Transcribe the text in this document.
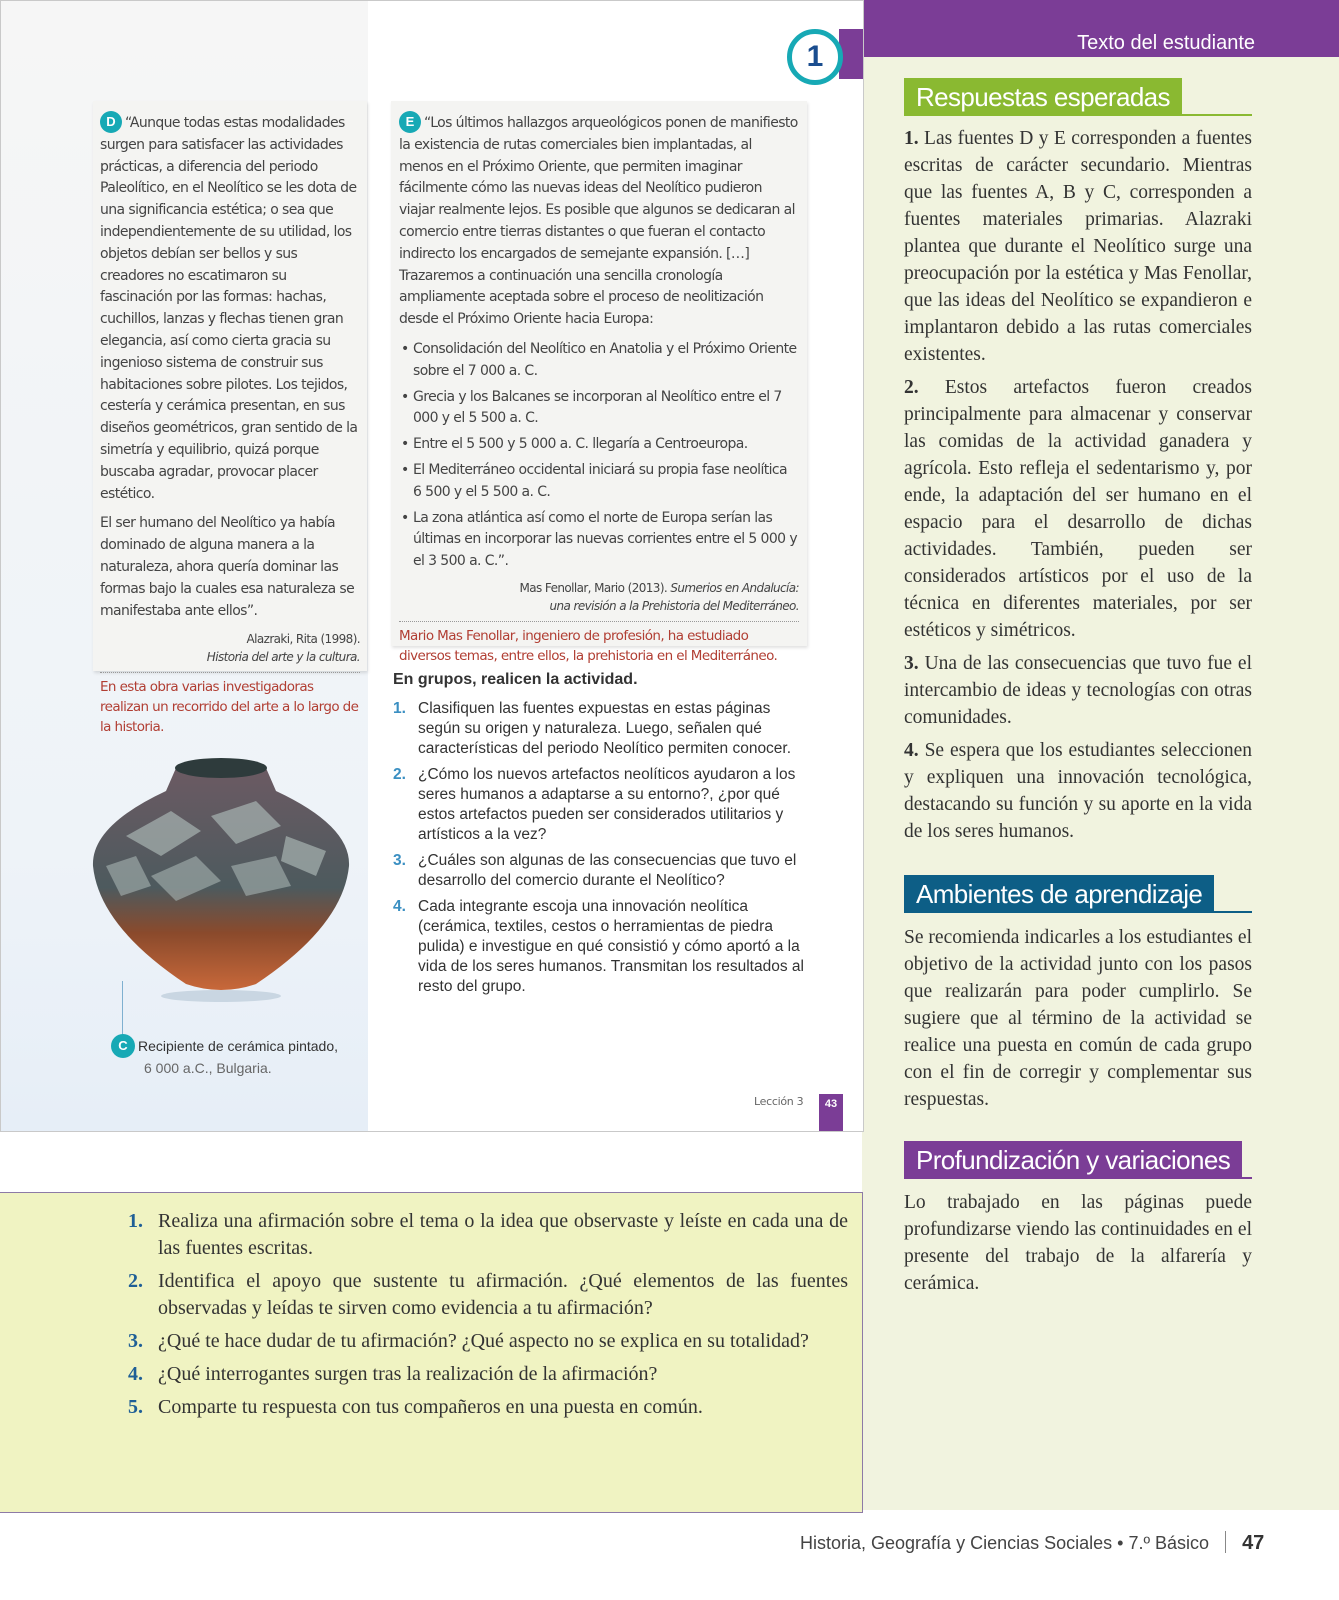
Texto del estudiante
1

D “Aunque todas estas modalidades surgen para satisfacer las actividades prácticas, a diferencia del periodo Paleolítico, en el Neolítico se les dota de una significancia estética; o sea que independientemente de su utilidad, los objetos debían ser bellos y sus creadores no escatimaron su fascinación por las formas: hachas, cuchillos, lanzas y flechas tienen gran elegancia, así como cierta gracia su ingenioso sistema de construir sus habitaciones sobre pilotes. Los tejidos, cestería y cerámica presentan, en sus diseños geométricos, gran sentido de la simetría y equilibrio, quizá porque buscaba agradar, provocar placer estético.

El ser humano del Neolítico ya había dominado de alguna manera a la naturaleza, ahora quería dominar las formas bajo la cuales esa naturaleza se manifestaba ante ellos”.

Alazraki, Rita (1998).
Historia del arte y la cultura.
En esta obra varias investigadoras realizan un recorrido del arte a lo largo de la historia.

E “Los últimos hallazgos arqueológicos ponen de manifiesto la existencia de rutas comerciales bien implantadas, al menos en el Próximo Oriente, que permiten imaginar fácilmente cómo las nuevas ideas del Neolítico pudieron viajar realmente lejos. Es posible que algunos se dedicaran al comercio entre tierras distantes o que fueran el contacto indirecto los encargados de semejante expansión. […] Trazaremos a continuación una sencilla cronología ampliamente aceptada sobre el proceso de neolitización desde el Próximo Oriente hacia Europa:

• Consolidación del Neolítico en Anatolia y el Próximo Oriente sobre el 7 000 a. C.
• Grecia y los Balcanes se incorporan al Neolítico entre el 7 000 y el 5 500 a. C.
• Entre el 5 500 y 5 000 a. C. llegaría a Centroeuropa.
• El Mediterráneo occidental iniciará su propia fase neolítica 6 500 y el 5 500 a. C.
• La zona atlántica así como el norte de Europa serían las últimas en incorporar las nuevas corrientes entre el 5 000 y el 3 500 a. C.”.
Mas Fenollar, Mario (2013). Sumerios en Andalucía:
una revisión a la Prehistoria del Mediterráneo.
Mario Mas Fenollar, ingeniero de profesión, ha estudiado diversos temas, entre ellos, la prehistoria en el Mediterráneo.
En grupos, realicen la actividad.
1. Clasifiquen las fuentes expuestas en estas páginas según su origen y naturaleza. Luego, señalen qué características del periodo Neolítico permiten conocer.
2. ¿Cómo los nuevos artefactos neolíticos ayudaron a los seres humanos a adaptarse a su entorno?, ¿por qué estos artefactos pueden ser considerados utilitarios y artísticos a la vez?
3. ¿Cuáles son algunas de las consecuencias que tuvo el desarrollo del comercio durante el Neolítico?
4. Cada integrante escoja una innovación neolítica (cerámica, textiles, cestos o herramientas de piedra pulida) e investigue en qué consistió y cómo aportó a la vida de los seres humanos. Transmitan los resultados al resto del grupo.
C Recipiente de cerámica pintado,
6 000 a.C., Bulgaria.
Lección 3	43
Respuestas esperadas

1. Las fuentes D y E corresponden a fuentes escritas de carácter secundario. Mientras que las fuentes A, B y C, corresponden a fuentes materiales primarias. Alazraki plantea que durante el Neolítico surge una preocupación por la estética y Mas Fenollar, que las ideas del Neolítico se expandieron e implantaron debido a las rutas comerciales existentes.

2. Estos artefactos fueron creados principalmente para almacenar y conservar las comidas de la actividad ganadera y agrícola. Esto refleja el sedentarismo y, por ende, la adaptación del ser humano en el espacio para el desarrollo de dichas actividades. También, pueden ser considerados artísticos por el uso de la técnica en diferentes materiales, por ser estéticos y simétricos.

3. Una de las consecuencias que tuvo fue el intercambio de ideas y tecnologías con otras comunidades.

4. Se espera que los estudiantes seleccionen y expliquen una innovación tecnológica, destacando su función y su aporte en la vida de los seres humanos.

Ambientes de aprendizaje

Se recomienda indicarles a los estudiantes el objetivo de la actividad junto con los pasos que realizarán para poder cumplirlo. Se sugiere que al término de la actividad se realice una puesta en común de cada grupo con el fin de corregir y complementar sus respuestas.

Profundización y variaciones

Lo trabajado en las páginas puede profundizarse viendo las continuidades en el presente del trabajo de la alfarería y cerámica.

1. Realiza una afirmación sobre el tema o la idea que observaste y leíste en cada una de las fuentes escritas.
2. Identifica el apoyo que sustente tu afirmación. ¿Qué elementos de las fuentes observadas y leídas te sirven como evidencia a tu afirmación?
3. ¿Qué te hace dudar de tu afirmación? ¿Qué aspecto no se explica en su totalidad?
4. ¿Qué interrogantes surgen tras la realización de la afirmación?
5. Comparte tu respuesta con tus compañeros en una puesta en común.
Historia, Geografía y Ciencias Sociales • 7.º Básico 47
